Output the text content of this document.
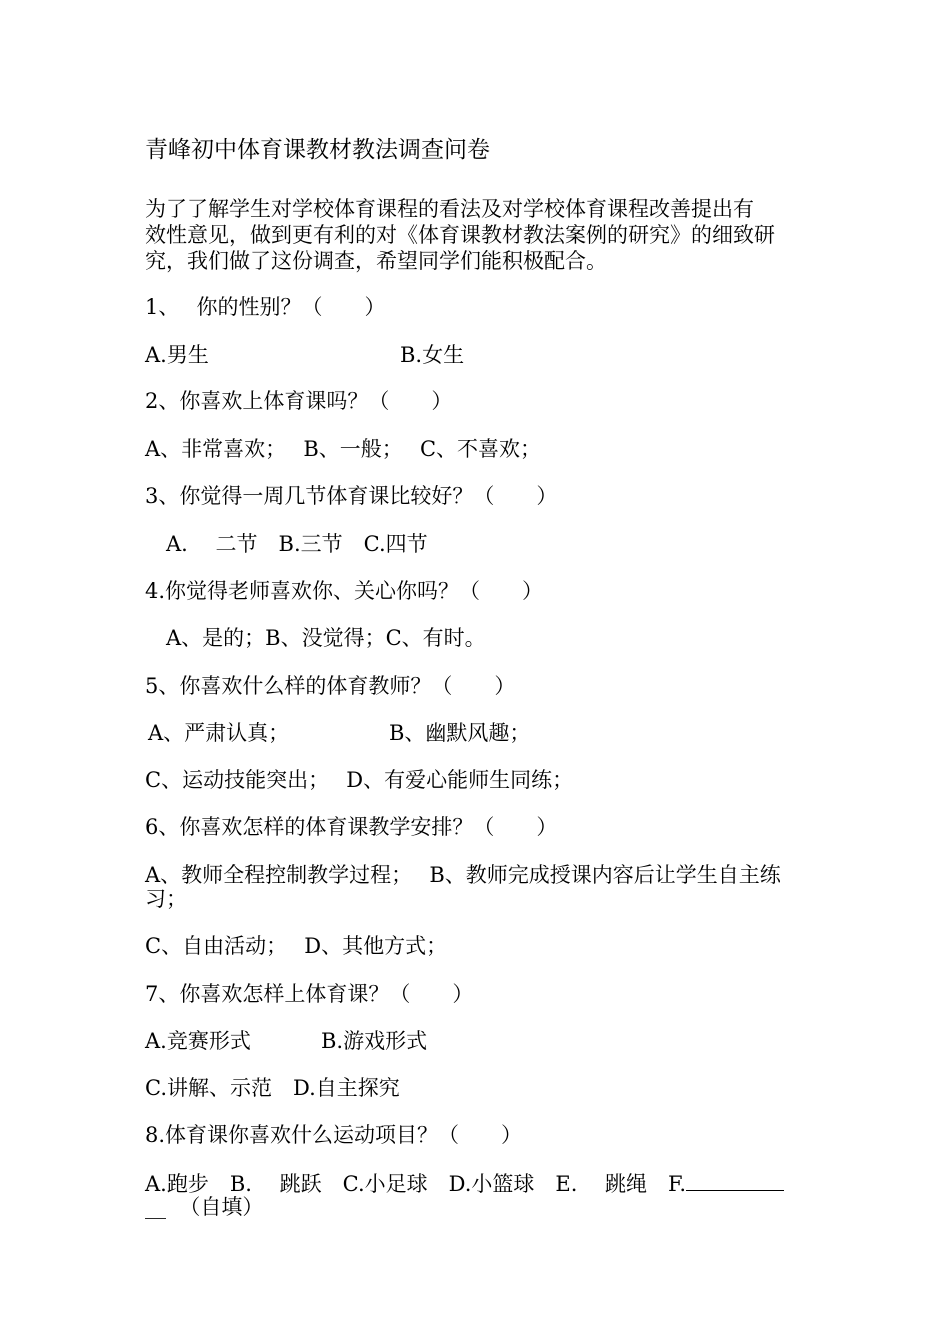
青峰初中体育课教材教法调查问卷
为了了解学生对学校体育课程的看法及对学校体育课程改善提出有
效性意见，做到更有利的对《体育课教材教法案例的研究》的细致研
究，我们做了这份调查，希望同学们能积极配合。
1、　 你的性别？（　　）
A.男生	B.女生
2、你喜欢上体育课吗？（　　）
A、非常喜欢；　 B、一般；　 C、不喜欢；
3、你觉得一周几节体育课比较好？（　　）
A.　 二节　B.三节　C.四节
4.你觉得老师喜欢你、关心你吗？（　　）
A、是的；B、没觉得；C、有时。
5、你喜欢什么样的体育教师？（　　）
A、严肃认真；	B、幽默风趣；
C、运动技能突出；　 D、有爱心能师生同练；
6、你喜欢怎样的体育课教学安排？（　　）
A、教师全程控制教学过程；　 B、教师完成授课内容后让学生自主练
习；
C、自由活动；　 D、其他方式；
7、你喜欢怎样上体育课？（　　）
A.竞赛形式	B.游戏形式
C.讲解、示范　D.自主探究
8.体育课你喜欢什么运动项目？（　　）
A.跑步　B.　 跳跃　C.小足球　D.小篮球　E.　 跳绳　F.
__ （自填）
